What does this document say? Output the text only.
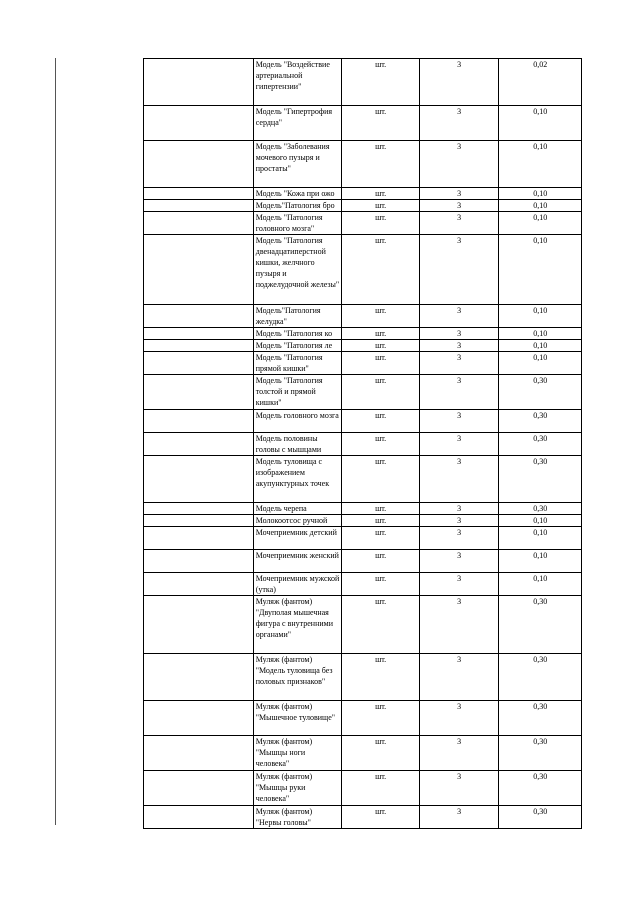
	Модель "Воздействие артериальной гипертензии"	шт.	3	0,02
	Модель "Гипертрофия сердца"	шт.	3	0,10
	Модель "Заболевания мочевого пузыря и простаты"	шт.	3	0,10
	Модель "Кожа при ожо	шт.	3	0,10
	Модель"Патология бро	шт.	3	0,10
	Модель "Патология головного мозга"	шт.	3	0,10
	Модель "Патология двенадцатиперстной кишки, желчного пузыря и поджелудочной железы"	шт.	3	0,10
	Модель"Патология желудка"	шт.	3	0,10
	Модель "Патология ко	шт.	3	0,10
	Модель "Патология ле	шт.	3	0,10
	Модель "Патология прямой кишки"	шт.	3	0,10
	Модель "Патология толстой и прямой кишки"	шт.	3	0,30
	Модель головного мозга	шт.	3	0,30
	Модель половины головы с мышцами	шт.	3	0,30
	Модель туловища с изображением акупунктурных точек	шт.	3	0,30
	Модель черепа	шт.	3	0,30
	Молокоотсос ручной	шт.	3	0,10
	Мочеприемник детский	шт.	3	0,10
	Мочеприемник женский	шт.	3	0,10
	Мочеприемник мужской (утка)	шт.	3	0,10
	Муляж (фантом) "Двуполая мышечная фигура с внутренними органами"	шт.	3	0,30
	Муляж (фантом) "Модель туловища без половых признаков"	шт.	3	0,30
	Муляж (фантом) "Мышечное туловище"	шт.	3	0,30
	Муляж (фантом) "Мышцы ноги человека"	шт.	3	0,30
	Муляж (фантом) "Мышцы руки человека"	шт.	3	0,30
	Муляж (фантом) "Нервы головы"	шт.	3	0,30
